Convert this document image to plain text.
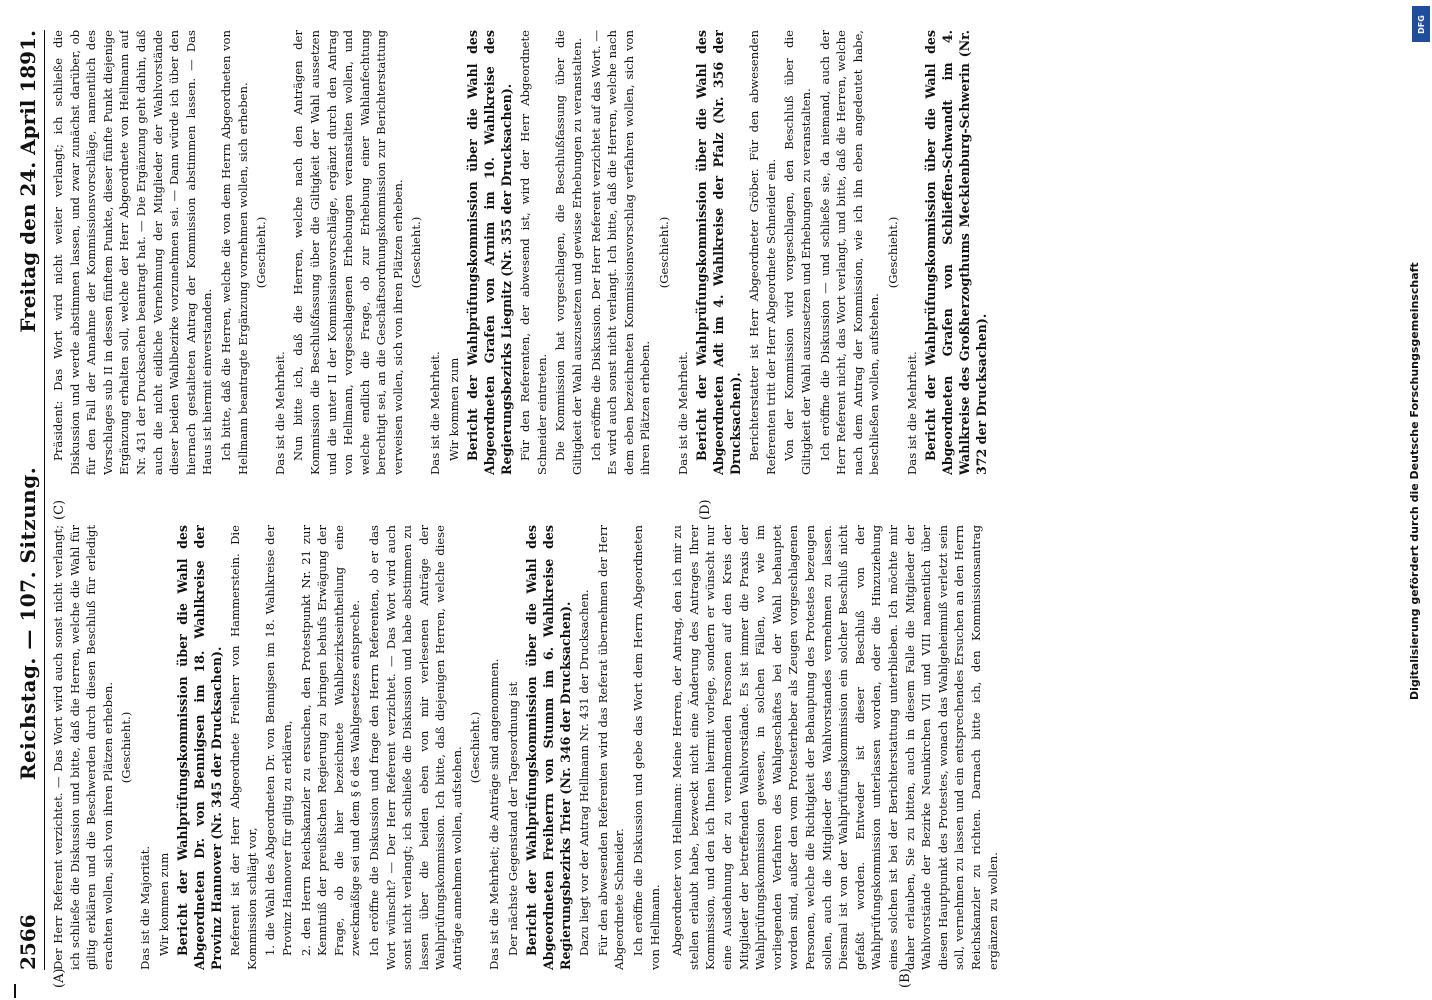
2566
Reichstag. — 107. Sitzung.
Freitag den 24. April 1891.

Der Herr Referent verzichtet. — Das Wort wird auch sonst nicht verlangt; ich schließe die Diskussion und bitte, daß die Herren, welche die Wahl für giltig erklären und die Beschwerden durch diesen Beschluß für erledigt erachten wollen, sich von ihren Plätzen erheben. (Geschieht.)

Das ist die Majorität. Wir kommen zum Bericht der Wahlprüfungskommission über die Wahl des Abgeordneten Dr. von Bennigsen im 18. Wahlkreise der Provinz Hannover (Nr. 345 der Drucksachen). Referent ist der Herr Abgeordnete Freiherr von Hammerstein. Die Kommission schlägt vor, 1. die Wahl des Abgeordneten Dr. von Bennigsen im 18. Wahlkreise der Provinz Hannover für giltig zu erklären, 2. den Herrn Reichskanzler zu ersuchen, den Protestpunkt Nr. 21 zur Kenntniß der preußischen Regierung zu bringen behufs Erwägung der Frage, ob die hier bezeichnete Wahlbezirkseintheilung eine zweckmäßige sei und dem § 6 des Wahlgesetzes entspreche. Ich eröffne die Diskussion und frage den Herrn Referenten, ob er das Wort wünscht? — Der Herr Referent verzichtet. — Das Wort wird auch sonst nicht verlangt; ich schließe die Diskussion und habe abstimmen zu lassen über die beiden eben von mir verlesenen Anträge der Wahlprüfungskommission. Ich bitte, daß diejenigen Herren, welche diese Anträge annehmen wollen, aufstehen. (Geschieht.) Das ist die Mehrheit; die Anträge sind angenommen. Der nächste Gegenstand der Tagesordnung ist Bericht der Wahlprüfungskommission über die Wahl des Abgeordneten Freiherrn von Stumm im 6. Wahlkreise des Regierungsbezirks Trier (Nr. 346 der Drucksachen). Dazu liegt vor der Antrag Hellmann Nr. 431 der Drucksachen. Für den abwesenden Referenten wird das Referat übernehmen der Herr Abgeordnete Schneider. Ich eröffne die Diskussion und gebe das Wort dem Herrn Abgeordneten von Hellmann. Abgeordneter von Hellmann: Meine Herren, der Antrag, den ich mir zu stellen erlaubt habe, bezweckt nicht eine Änderung des Antrages Ihrer Kommission, und den ich Ihnen hiermit vorlege, sondern er wünscht nur eine Ausdehnung der zu vernehmenden Personen auf den Kreis der Mitglieder der betreffenden Wahlvorstände. Es ist immer die Praxis der Wahlprüfungskommission gewesen, in solchen Fällen, wo wie im vorliegenden Verfahren des Wahlgeschäftes bei der Wahl behauptet worden sind, außer den vom Protesterheber als Zeugen vorgeschlagenen Personen, welche die Richtigkeit der Behauptung des Protestes bezeugen sollen, auch die Mitglieder des Wahlvorstandes vernehmen zu lassen. Diesmal ist von der Wahlprüfungskommission ein solcher Beschluß nicht gefaßt worden. Entweder ist dieser Beschluß von der Wahlprüfungskommission unterlassen worden, oder die Hinzuziehung eines solchen ist bei der Berichterstattung unterblieben. Ich möchte mir daher erlauben, Sie zu bitten, auch in diesem Falle die Mitglieder der Wahlvorstände der Bezirke Neunkirchen VII und VIII namentlich über diesen Hauptpunkt des Protestes, wonach das Wahlgeheimniß verletzt sein soll, vernehmen zu lassen und ein entsprechendes Ersuchen an den Herrn Reichskanzler zu richten. Darnach bitte ich, den Kommissionsantrag ergänzen zu wollen.

Präsident: Das Wort wird nicht weiter verlangt; ich schließe die Diskussion und werde abstimmen lassen, und zwar zunächst darüber, ob für den Fall der Annahme der Kommissionsvorschläge, namentlich des Vorschlages sub II in dessen fünftem Punkte, dieser fünfte Punkt diejenige Ergänzung erhalten soll, welche der Herr Abgeordnete von Hellmann auf Nr. 431 der Drucksachen beantragt hat. — Die Ergänzung geht dahin, daß auch die nicht eidliche Vernehmung der Mitglieder der Wahlvorstände dieser beiden Wahlbezirke vorzunehmen sei. — Dann würde ich über den hiernach gestalteten Antrag der Kommission abstimmen lassen. — Das Haus ist hiermit einverstanden. Ich bitte, daß die Herren, welche die von dem Herrn Abgeordneten von Hellmann beantragte Ergänzung vornehmen wollen, sich erheben. (Geschieht.)

Das ist die Mehrheit. Nun bitte ich, daß die Herren, welche nach den Anträgen der Kommission die Beschlußfassung über die Giltigkeit der Wahl aussetzen und die unter II der Kommissionsvorschläge, ergänzt durch den Antrag von Hellmann, vorgeschlagenen Erhebungen veranstalten wollen, und welche endlich die Frage, ob zur Erhebung einer Wahlanfechtung berechtigt sei, an die Geschäftsordnungskommission zur Berichterstattung verweisen wollen, sich von ihren Plätzen erheben. (Geschieht.)

Das ist die Mehrheit. Wir kommen zum Bericht der Wahlprüfungskommission über die Wahl des Abgeordneten Grafen von Arnim im 10. Wahlkreise des Regierungsbezirks Liegnitz (Nr. 355 der Drucksachen). Für den Referenten, der abwesend ist, wird der Herr Abgeordnete Schneider eintreten. Die Kommission hat vorgeschlagen, die Beschlußfassung über die Giltigkeit der Wahl auszusetzen und gewisse Erhebungen zu veranstalten. Ich eröffne die Diskussion. Der Herr Referent verzichtet auf das Wort. — Es wird auch sonst nicht verlangt. Ich bitte, daß die Herren, welche nach dem eben bezeichneten Kommissionsvorschlag verfahren wollen, sich von ihren Plätzen erheben.

(Geschieht.)

Das ist die Mehrheit. Bericht der Wahlprüfungskommission über die Wahl des Abgeordneten Adt im 4. Wahlkreise der Pfalz (Nr. 356 der Drucksachen). Berichterstatter ist Herr Abgeordneter Gröber. Für den abwesenden Referenten tritt der Herr Abgeordnete Schneider ein. Von der Kommission wird vorgeschlagen, den Beschluß über die Giltigkeit der Wahl auszusetzen und Erhebungen zu veranstalten. Ich eröffne die Diskussion — und schließe sie, da niemand, auch der Herr Referent nicht, das Wort verlangt, und bitte, daß die Herren, welche nach dem Antrag der Kommission, wie ich ihn eben angedeutet habe, beschließen wollen, aufstehen.

(Geschieht.)

Das ist die Mehrheit. Bericht der Wahlprüfungskommission über die Wahl des Abgeordneten Grafen von Schlieffen-Schwandt im 4. Wahlkreise des Großherzogthums Mecklenburg-Schwerin (Nr. 372 der Drucksachen).

(A)	(B)
(C)	(D)	Digitalisierung gefördert durch die Deutsche Forschungsgemeinschaft
DFG
